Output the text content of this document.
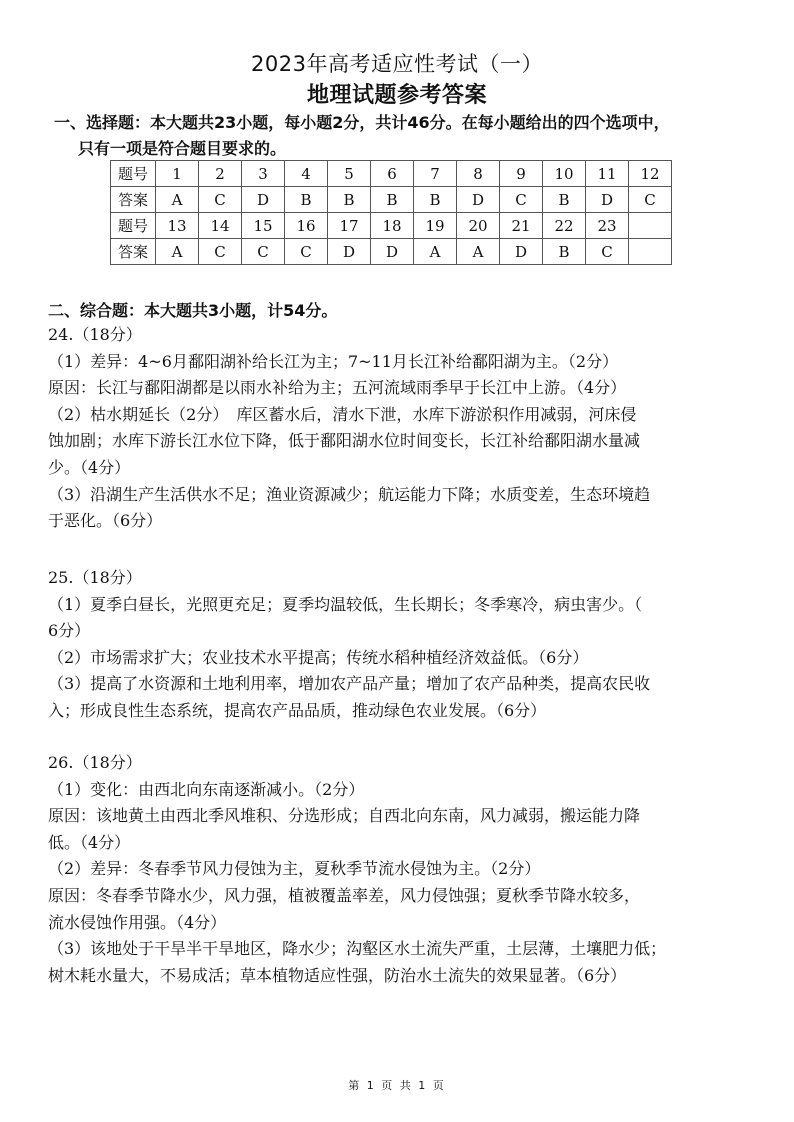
2023年高考适应性考试（一）
地理试题参考答案
一、选择题：本大题共23小题，每小题2分，共计46分。在每小题给出的四个选项中，
只有一项是符合题目要求的。
题号	1	2	3	4	5	6	7	8	9	10	11	12
答案	A	C	D	B	B	B	B	D	C	B	D	C
题号	13	14	15	16	17	18	19	20	21	22	23	
答案	A	C	C	C	D	D	A	A	D	B	C	
二、综合题：本大题共3小题，计54分。

24.（18分）

（1）差异：4~6月鄱阳湖补给长江为主；7~11月长江补给鄱阳湖为主。（2分）

原因：长江与鄱阳湖都是以雨水补给为主；五河流域雨季早于长江中上游。（4分）

（2）枯水期延长（2分）　库区蓄水后，清水下泄，水库下游淤积作用减弱，河床侵

蚀加剧；水库下游长江水位下降，低于鄱阳湖水位时间变长，长江补给鄱阳湖水量减

少。（4分）

（3）沿湖生产生活供水不足；渔业资源减少；航运能力下降；水质变差，生态环境趋

于恶化。（6分）

25.（18分）

（1）夏季白昼长，光照更充足；夏季均温较低，生长期长；冬季寒冷，病虫害少。（

6分）

（2）市场需求扩大；农业技术水平提高；传统水稻种植经济效益低。（6分）

（3）提高了水资源和土地利用率，增加农产品产量；增加了农产品种类，提高农民收

入；形成良性生态系统，提高农产品品质，推动绿色农业发展。（6分）

26.（18分）

（1）变化：由西北向东南逐渐减小。（2分）

原因：该地黄土由西北季风堆积、分选形成；自西北向东南，风力减弱，搬运能力降

低。（4分）

（2）差异：冬春季节风力侵蚀为主，夏秋季节流水侵蚀为主。（2分）

原因：冬春季节降水少，风力强，植被覆盖率差，风力侵蚀强；夏秋季节降水较多，

流水侵蚀作用强。（4分）

（3）该地处于干旱半干旱地区，降水少；沟壑区水土流失严重，土层薄，土壤肥力低；

树木耗水量大，不易成活；草本植物适应性强，防治水土流失的效果显著。（6分）

第 1 页 共 1 页
